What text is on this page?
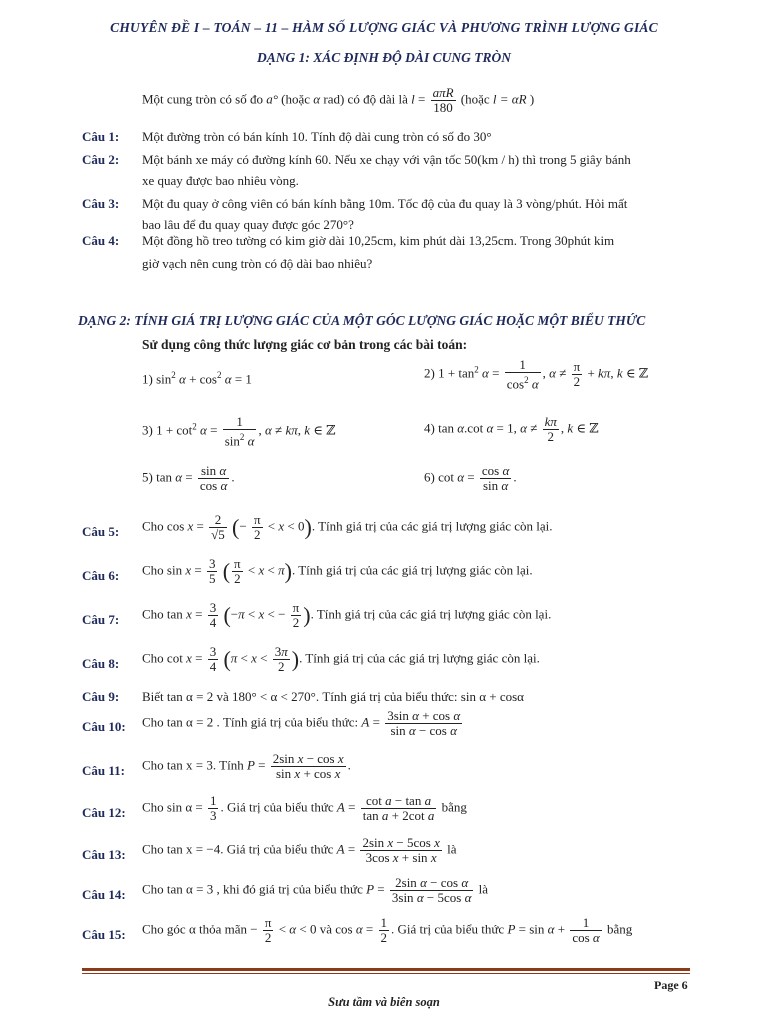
CHUYÊN ĐỀ I – TOÁN – 11 – HÀM SỐ LƯỢNG GIÁC VÀ PHƯƠNG TRÌNH LƯỢNG GIÁC
DẠNG 1: XÁC ĐỊNH ĐỘ DÀI CUNG TRÒN
Một cung tròn có số đo a° (hoặc α rad) có độ dài là l = aπR
180
(hoặc l = αR )
Câu 1: Một đường tròn có bán kính 10. Tính độ dài cung tròn có số đo 30°
Câu 2: Một bánh xe máy có đường kính 60. Nếu xe chạy với vận tốc 50(km / h) thì trong 5 giây bánh
xe quay được bao nhiêu vòng.
Câu 3: Một đu quay ở công viên có bán kính bằng 10m. Tốc độ của đu quay là 3 vòng/phút. Hỏi mất
bao lâu để đu quay quay được góc 270°?
Câu 4: Một đồng hồ treo tường có kim giờ dài 10,25cm, kim phút dài 13,25cm. Trong 30phút kim
giờ vạch nên cung tròn có độ dài bao nhiêu?
DẠNG 2: TÍNH GIÁ TRỊ LƯỢNG GIÁC CỦA MỘT GÓC LƯỢNG GIÁC HOẶC MỘT BIỂU THỨC
Sử dụng công thức lượng giác cơ bản trong các bài toán:
1) $\sin^2 \alpha + \cos^2 \alpha = 1$	2) $1 + \tan^2 \alpha = \frac{1}{\cos^2 \alpha}$ , $\alpha \ne \frac{\pi}{2} + k\pi$, k ∈ ℤ
3) $1 + \cot^2 \alpha = \frac{1}{\sin^2 \alpha}$ , α ≠ kπ, k ∈ ℤ	4) tan α.cot α = 1, $\alpha \ne \frac{k\pi}{2}$ , k ∈ ℤ
5) $\tan \alpha = \frac{\text{sin α}}{\text{cos α}}$ .	6) $\cot \alpha = \frac{\text{cos α}}{\text{sin α}}$ .
Câu 5: Cho $\cos x = \frac{2}{√5}$ (− $\frac{\pi}{2} < x < 0$). Tính giá trị của các giá trị lượng giác còn lại.
Câu 6: Cho $\sin x = \frac{3}{5}$ ( $\frac{\pi}{2} < x < \pi$). Tính giá trị của các giá trị lượng giác còn lại.
Câu 7: Cho $\tan x = \frac{3}{4} (-\pi < x$ < − $\frac{\pi}{2}$ ). Tính giá trị của các giá trị lượng giác còn lại.
Câu 8: Cho $\cot x = \frac{3}{4} (\pi < x < \frac{3\pi}{2}$ ). Tính giá trị của các giá trị lượng giác còn lại.
Câu 9: Biết tan α = 2 và 180° < α < 270°. Tính giá trị của biểu thức: sin α + cosα
Câu 10: Cho tan α = 2 . Tính giá trị của biểu thức: $A = \frac{\text{3sin α + cos α}}{\text{sin α − cos α}}$
Câu 11: Cho tan x = 3. Tính $P = \frac{\text{2sin x − cos x}}{\text{sin x + cos x}}$ .
Câu 12: Cho $\sin \alpha = \frac{1}{3}$ . Giá trị của biểu thức $A = \frac{\text{cot a − tan a}}{\text{tan a + 2cot a}}$ bằng
Câu 13: Cho tan x = −4. Giá trị của biểu thức $A = \frac{\text{2sin x − 5cos x}}{\text{3cos x + sin x}}$ là
Câu 14: Cho tan α = 3 , khi đó giá trị của biểu thức $P = \frac{\text{2sin α − cos α}}{\text{3sin α − 5cos α}}$ là
Câu 15: Cho góc α thỏa mãn − $\frac{\pi}{2} < \alpha < 0$ và $\cos \alpha = \frac{1}{2}$ . Giá trị của biểu thức $P = \sin \alpha + \frac{1}{\text{cos α}}$ bằng
Page 6
Sưu tầm và biên soạn
